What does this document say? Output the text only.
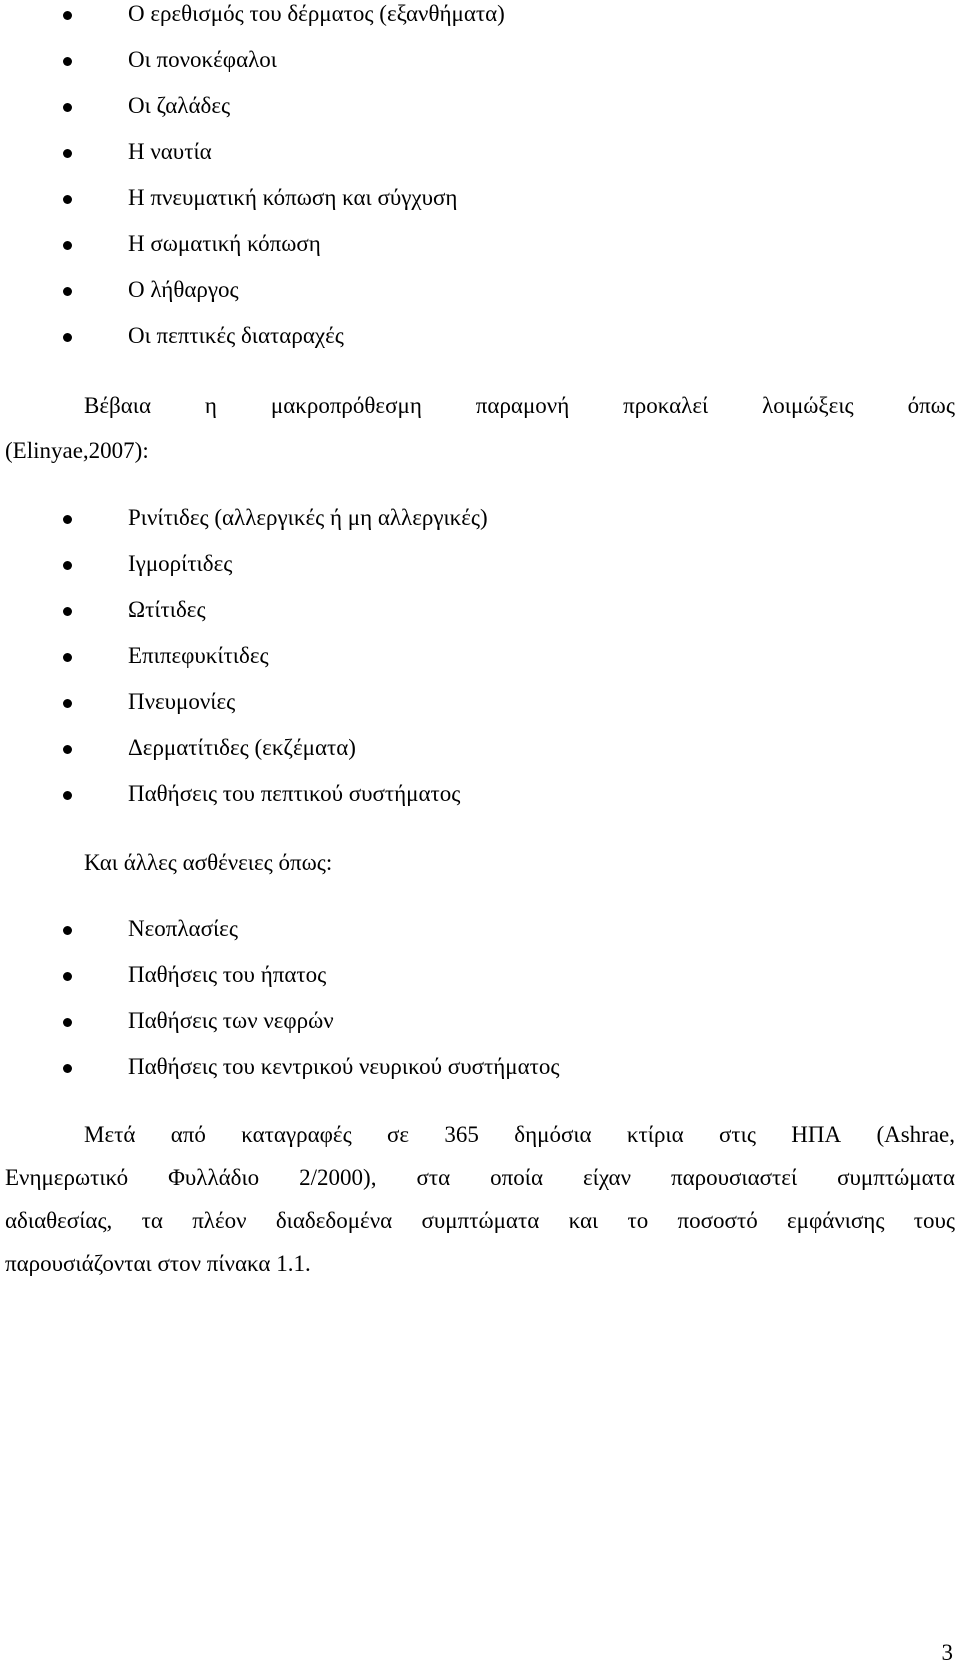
Ο ερεθισμός του δέρματος (εξανθήματα)
Οι πονοκέφαλοι
Οι ζαλάδες
Η ναυτία
Η πνευματική κόπωση και σύγχυση
Η σωματική κόπωση
Ο λήθαργος
Οι πεπτικές διαταραχές
Βέβαια η μακροπρόθεσμη παραμονή προκαλεί λοιμώξεις όπως

(Elinyae,2007):

Ρινίτιδες (αλλεργικές ή μη αλλεργικές)
Ιγμορίτιδες
Ωτίτιδες
Επιπεφυκίτιδες
Πνευμονίες
Δερματίτιδες (εκζέματα)
Παθήσεις του πεπτικού συστήματος

Και άλλες ασθένειες όπως:

Νεοπλασίες
Παθήσεις του ήπατος
Παθήσεις των νεφρών
Παθήσεις του κεντρικού νευρικού συστήματος
Μετά από καταγραφές σε 365 δημόσια κτίρια στις ΗΠΑ (Ashrae,
Ενημερωτικό Φυλλάδιο 2/2000), στα οποία είχαν παρουσιαστεί συμπτώματα
αδιαθεσίας, τα πλέον διαδεδομένα συμπτώματα και το ποσοστό εμφάνισης τους

παρουσιάζονται στον πίνακα 1.1.

3
